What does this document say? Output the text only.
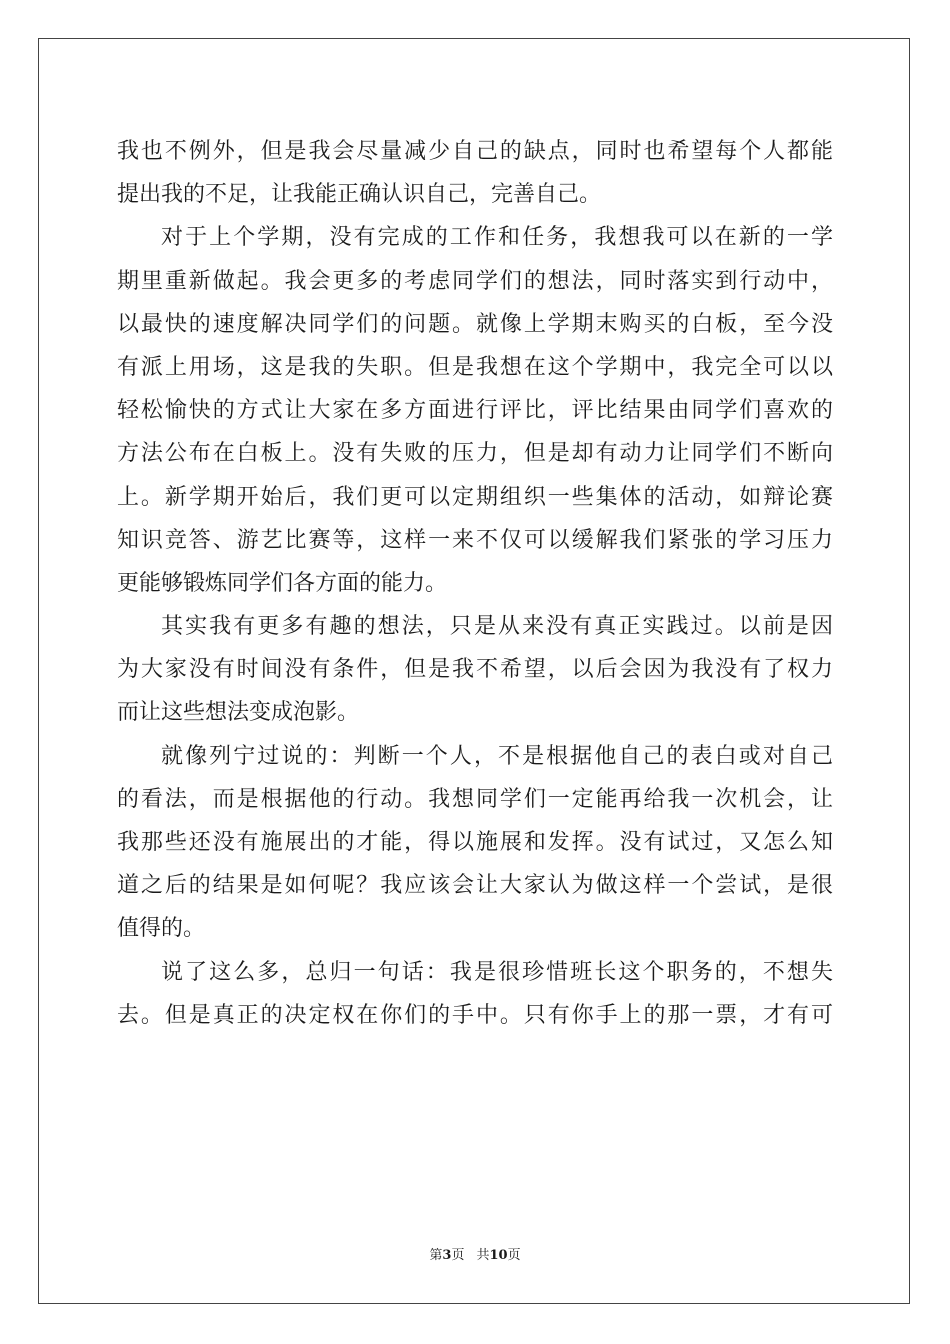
我也不例外，但是我会尽量减少自己的缺点，同时也希望每个人都能
提出我的不足，让我能正确认识自己，完善自己。
对于上个学期，没有完成的工作和任务，我想我可以在新的一学
期里重新做起。我会更多的考虑同学们的想法，同时落实到行动中，
以最快的速度解决同学们的问题。就像上学期末购买的白板，至今没
有派上用场，这是我的失职。但是我想在这个学期中，我完全可以以
轻松愉快的方式让大家在多方面进行评比，评比结果由同学们喜欢的
方法公布在白板上。没有失败的压力，但是却有动力让同学们不断向
上。新学期开始后，我们更可以定期组织一些集体的活动，如辩论赛
知识竞答、游艺比赛等，这样一来不仅可以缓解我们紧张的学习压力
更能够锻炼同学们各方面的能力。
其实我有更多有趣的想法，只是从来没有真正实践过。以前是因
为大家没有时间没有条件，但是我不希望，以后会因为我没有了权力
而让这些想法变成泡影。
就像列宁过说的：判断一个人，不是根据他自己的表白或对自己
的看法，而是根据他的行动。我想同学们一定能再给我一次机会，让
我那些还没有施展出的才能，得以施展和发挥。没有试过，又怎么知
道之后的结果是如何呢？我应该会让大家认为做这样一个尝试，是很
值得的。
说了这么多，总归一句话：我是很珍惜班长这个职务的，不想失
去。但是真正的决定权在你们的手中。只有你手上的那一票，才有可
第3页 共10页
